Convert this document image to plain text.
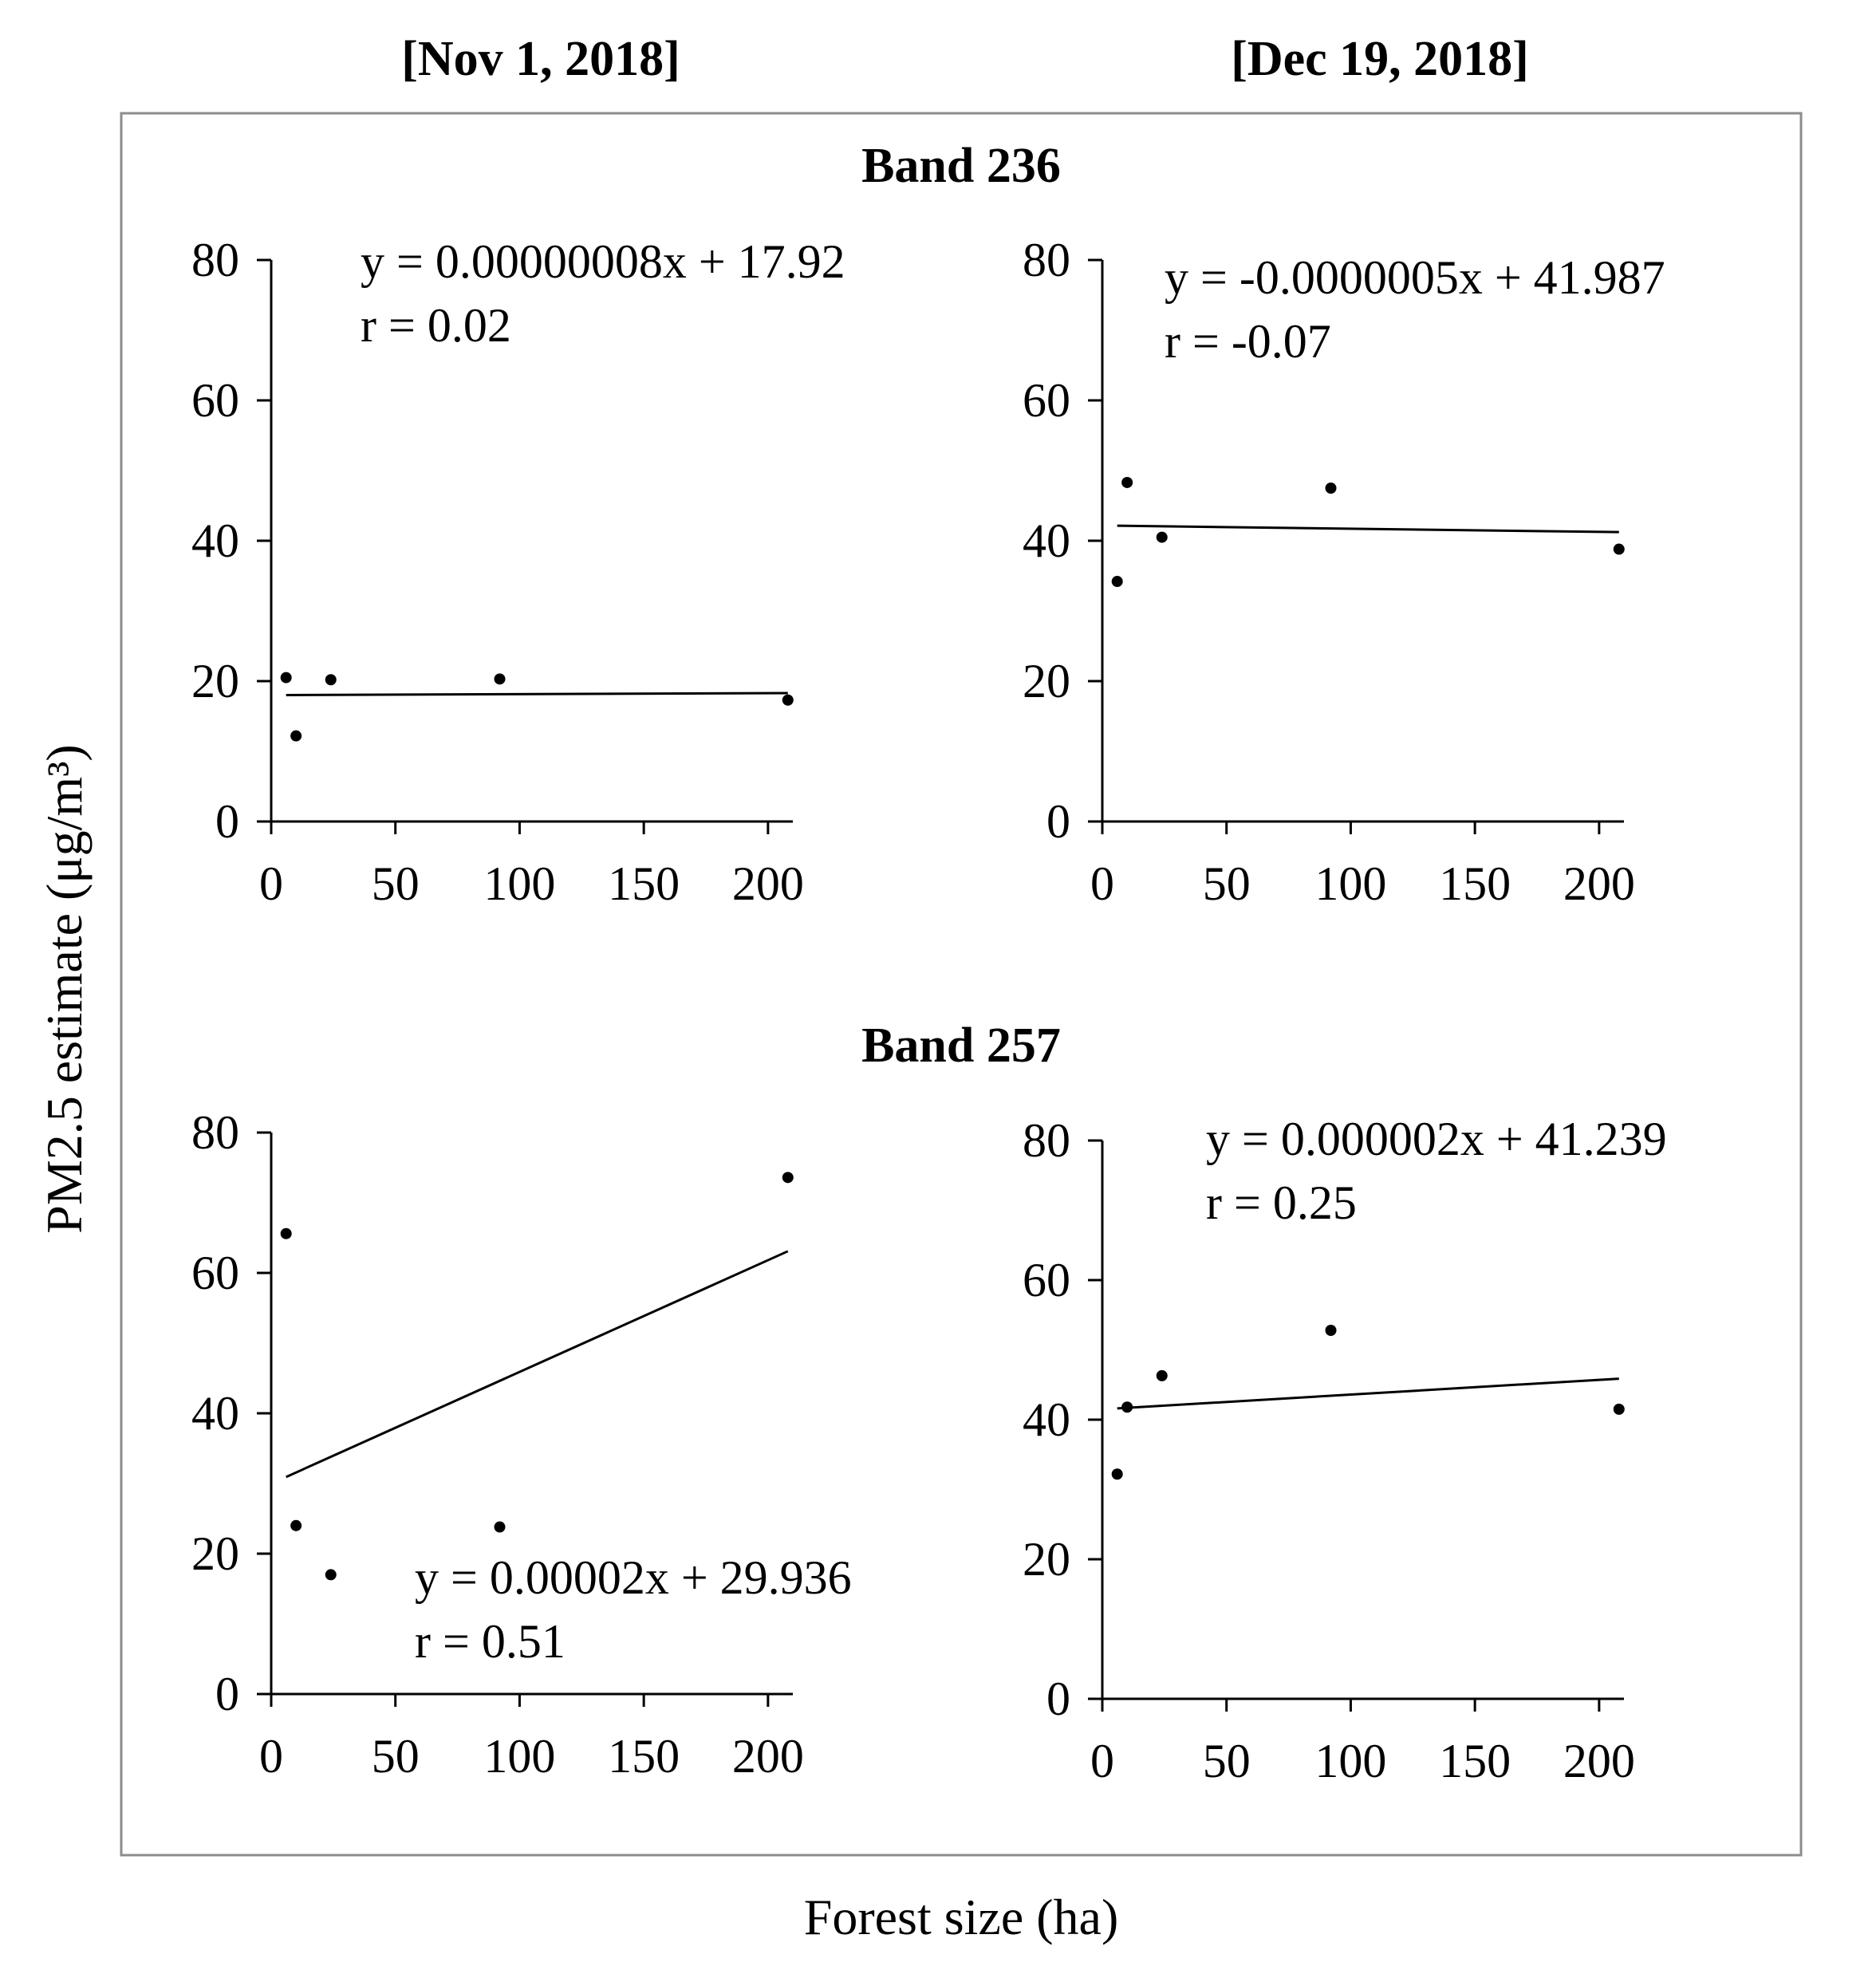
[Nov 1, 2018]	[Dec 19, 2018]
Band 236
Band 257
PM2.5 estimate (μg/m³)
Forest size (ha)
0
20
40
60
80
0 50 100 150 200
y = 0.00000008x + 17.92
r = 0.02
0
20
40
60
80
0 50 100 150 200
y = -0.0000005x + 41.987
r = -0.07
0
20
40
60
80
0 50 100 150 200
y = 0.00002x + 29.936
r = 0.51
0
20
40
60
80
0 50 100 150 200
y = 0.000002x + 41.239
r = 0.25
